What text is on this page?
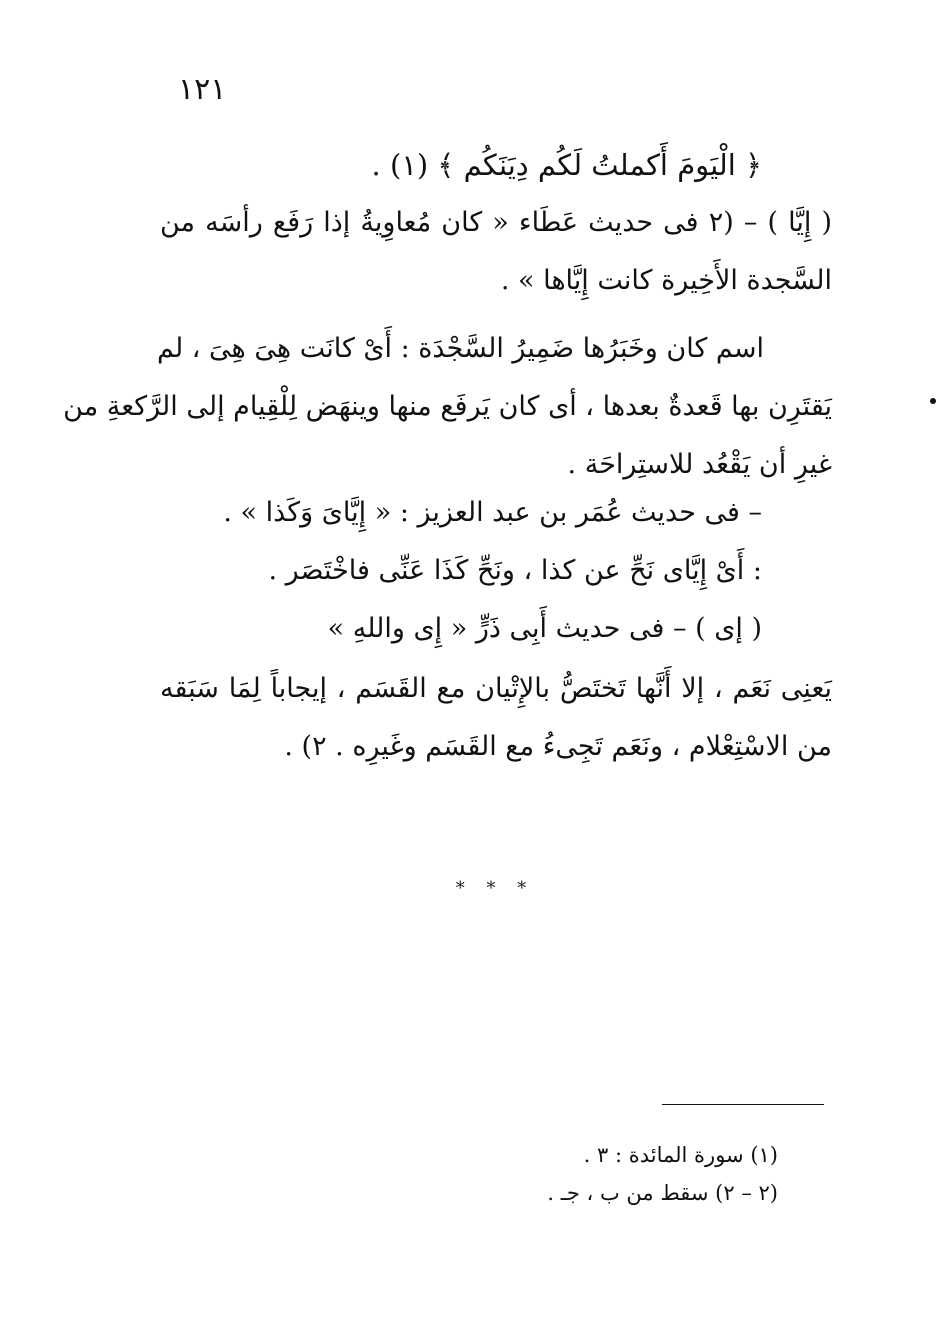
١٢١
﴿ الْيَومَ أَكملتُ لَكُم دِيَنَكُم ﴾ (١) .
( إِيَّا ) – (٢ فى حديث عَطَاء « كان مُعاوِيةُ إذا رَفَع رأسَه من
السَّجدة الأَخِيرة كانت إِيَّاها » .
اسم كان وخَبَرُها ضَمِيرُ السَّجْدَة : أَىْ كانَت هِىَ هِىَ ، لم
يَقتَرِن بها قَعدةٌ بعدها ، أى كان يَرفَع منها وينهَض لِلْقِيام إلى الرَّكعةِ من
غيرِ أن يَقْعُد للاستِراحَة .
– فى حديث عُمَر بن عبد العزيز : « إِيَّاىَ وَكَذا » .
: أَىْ إِيَّاى نَحِّ عن كذا ، ونَحِّ كَذَا عَنِّى فاخْتَصَر .
( إى ) – فى حديث أَبِى ذَرٍّ « إِى واللهِ »
يَعنِى نَعَم ، إلا أَنَّها تَختَصُّ بالإِتْيان مع القَسَم ، إيجاباً لِمَا سَبَقه
من الاسْتِعْلام ، ونَعَم تَجِىءُ مع القَسَم وغَيرِه . ٢) .
* * *
(١) سورة المائدة : ٣ .
(٢ – ٢) سقط من ب ، جـ .
